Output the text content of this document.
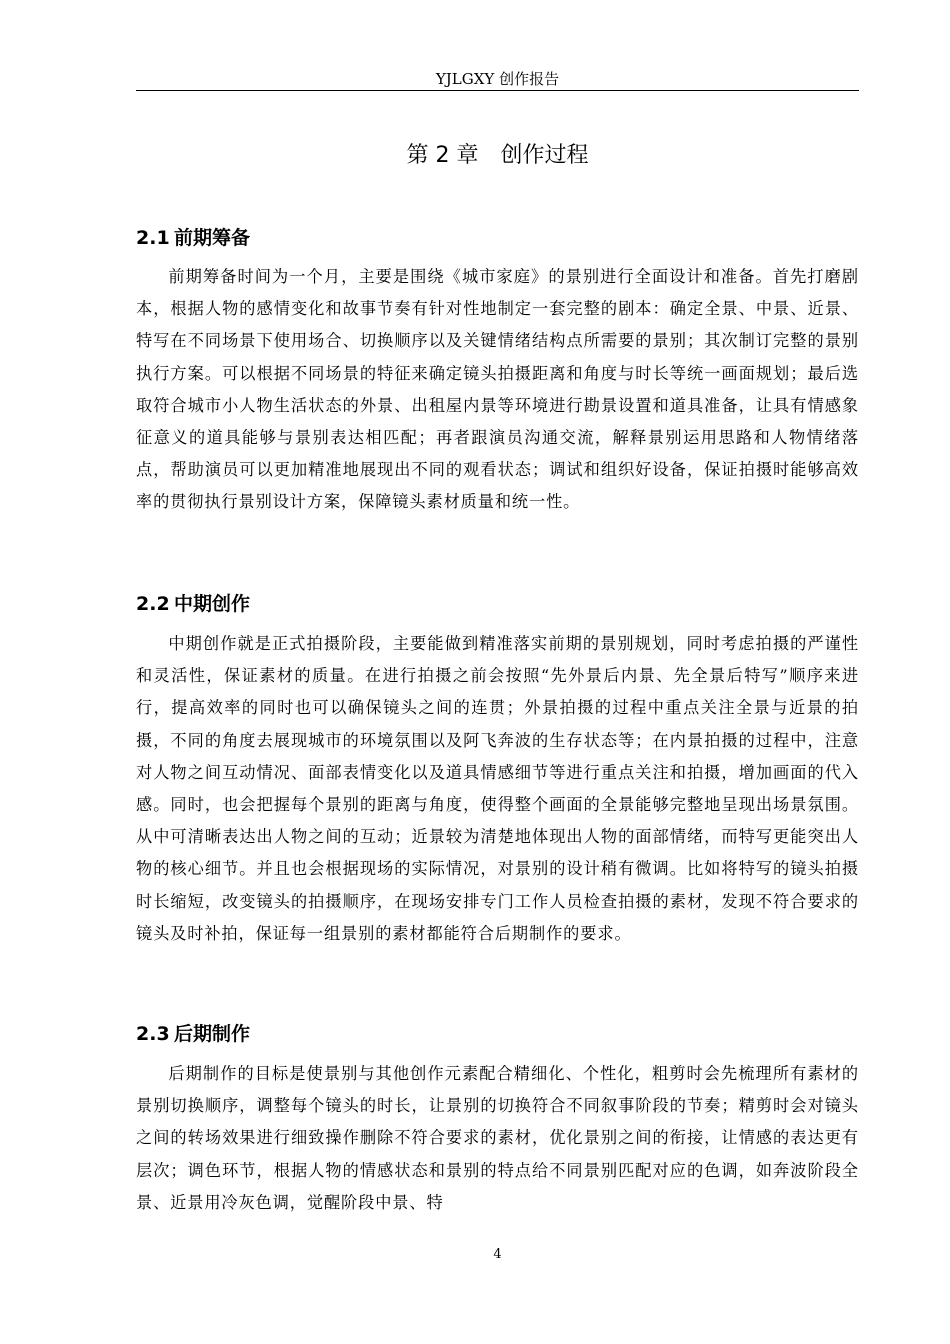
YJLGXY 创作报告
第 2 章　创作过程
2.1 前期筹备

前期筹备时间为一个月，主要是围绕《城市家庭》的景别进行全面设计和准备。首先打磨剧本，根据人物的感情变化和故事节奏有针对性地制定一套完整的剧本：确定全景、中景、近景、特写在不同场景下使用场合、切换顺序以及关键情绪结构点所需要的景别；其次制订完整的景别执行方案。可以根据不同场景的特征来确定镜头拍摄距离和角度与时长等统一画面规划；最后选取符合城市小人物生活状态的外景、出租屋内景等环境进行勘景设置和道具准备，让具有情感象征意义的道具能够与景别表达相匹配；再者跟演员沟通交流，解释景别运用思路和人物情绪落点，帮助演员可以更加精准地展现出不同的观看状态；调试和组织好设备，保证拍摄时能够高效率的贯彻执行景别设计方案，保障镜头素材质量和统一性。

2.2 中期创作

中期创作就是正式拍摄阶段，主要能做到精准落实前期的景别规划，同时考虑拍摄的严谨性和灵活性，保证素材的质量。在进行拍摄之前会按照“先外景后内景、先全景后特写”顺序来进行，提高效率的同时也可以确保镜头之间的连贯；外景拍摄的过程中重点关注全景与近景的拍摄，不同的角度去展现城市的环境氛围以及阿飞奔波的生存状态等；在内景拍摄的过程中，注意对人物之间互动情况、面部表情变化以及道具情感细节等进行重点关注和拍摄，增加画面的代入感。同时，也会把握每个景别的距离与角度，使得整个画面的全景能够完整地呈现出场景氛围。从中可清晰表达出人物之间的互动；近景较为清楚地体现出人物的面部情绪，而特写更能突出人物的核心细节。并且也会根据现场的实际情况，对景别的设计稍有微调。比如将特写的镜头拍摄时长缩短，改变镜头的拍摄顺序，在现场安排专门工作人员检查拍摄的素材，发现不符合要求的镜头及时补拍，保证每一组景别的素材都能符合后期制作的要求。

2.3 后期制作

后期制作的目标是使景别与其他创作元素配合精细化、个性化，粗剪时会先梳理所有素材的景别切换顺序，调整每个镜头的时长，让景别的切换符合不同叙事阶段的节奏；精剪时会对镜头之间的转场效果进行细致操作删除不符合要求的素材，优化景别之间的衔接，让情感的表达更有层次；调色环节，根据人物的情感状态和景别的特点给不同景别匹配对应的色调，如奔波阶段全景、近景用冷灰色调，觉醒阶段中景、特

4
